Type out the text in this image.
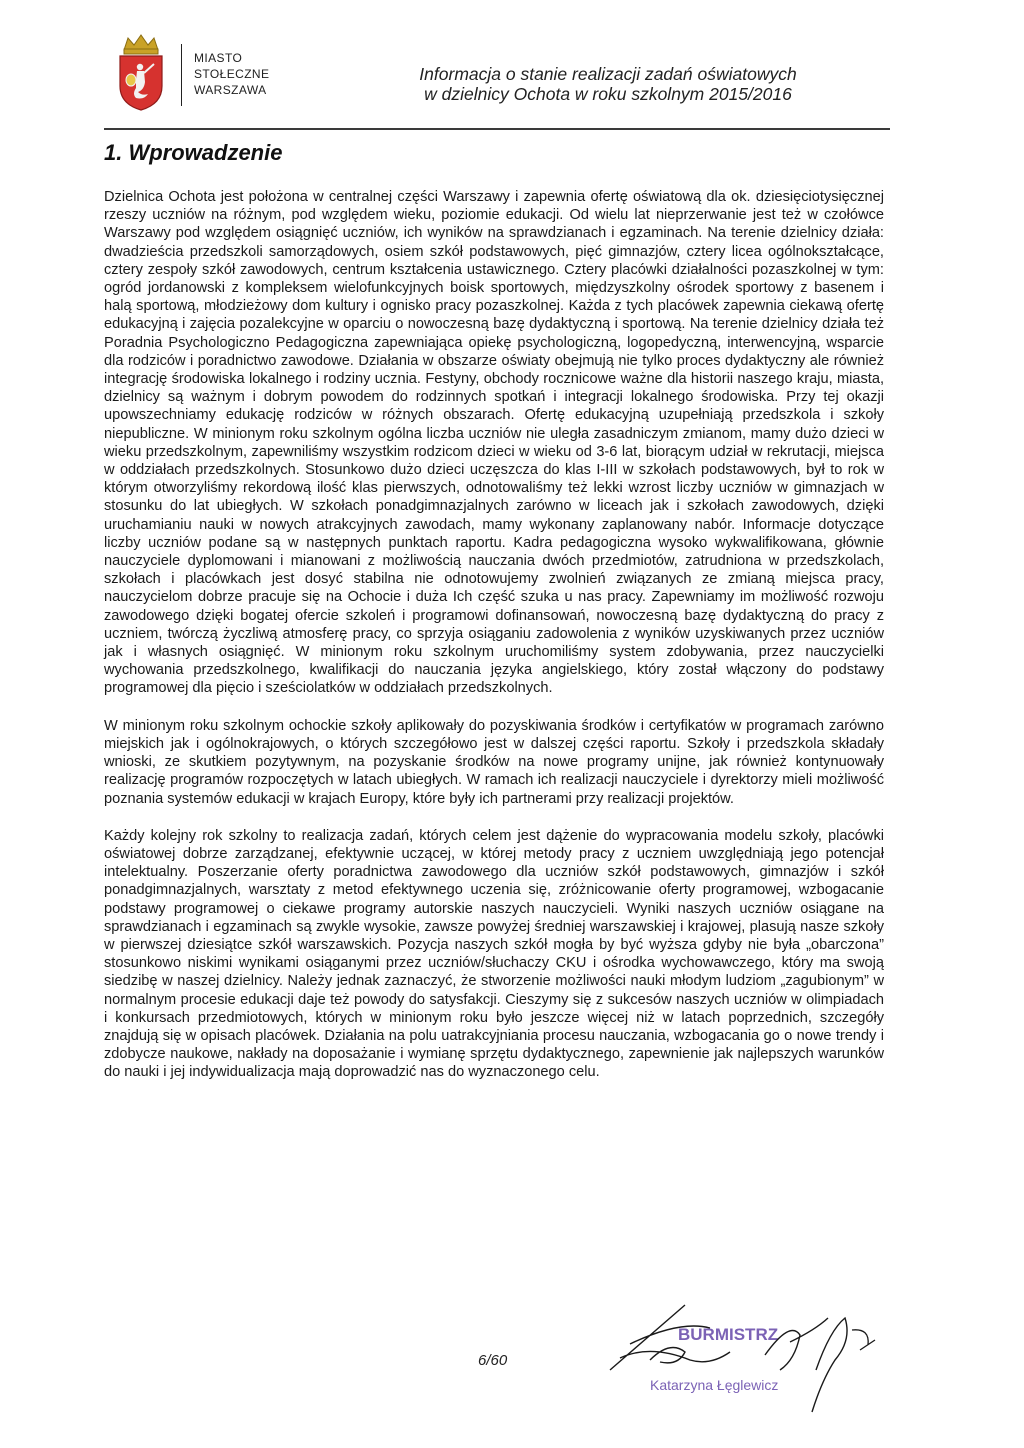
MIASTO
STOŁECZNE
WARSZAWA
Informacja o stanie realizacji zadań oświatowych
w dzielnicy Ochota w roku szkolnym 2015/2016
1. Wprowadzenie

Dzielnica Ochota jest położona w centralnej części Warszawy i zapewnia ofertę oświatową dla ok. dziesięciotysięcznej rzeszy uczniów na różnym, pod względem wieku, poziomie edukacji. Od wielu lat nieprzerwanie jest też w czołówce Warszawy pod względem osiągnięć uczniów, ich wyników na sprawdzianach i egzaminach. Na terenie dzielnicy działa: dwadzieścia przedszkoli samorządowych, osiem szkół podstawowych, pięć gimnazjów, cztery licea ogólnokształcące, cztery zespoły szkół zawodowych, centrum kształcenia ustawicznego. Cztery placówki działalności pozaszkolnej w tym: ogród jordanowski z kompleksem wielofunkcyjnych boisk sportowych, międzyszkolny ośrodek sportowy z basenem i halą sportową, młodzieżowy dom kultury i ognisko pracy pozaszkolnej. Każda z tych placówek zapewnia ciekawą ofertę edukacyjną i zajęcia pozalekcyjne w oparciu o nowoczesną bazę dydaktyczną i sportową. Na terenie dzielnicy działa też Poradnia Psychologiczno Pedagogiczna zapewniająca opiekę psychologiczną, logopedyczną, interwencyjną, wsparcie dla rodziców i poradnictwo zawodowe. Działania w obszarze oświaty obejmują nie tylko proces dydaktyczny ale również integrację środowiska lokalnego i rodziny ucznia. Festyny, obchody rocznicowe ważne dla historii naszego kraju, miasta, dzielnicy są ważnym i dobrym powodem do rodzinnych spotkań i integracji lokalnego środowiska. Przy tej okazji upowszechniamy edukację rodziców w różnych obszarach. Ofertę edukacyjną uzupełniają przedszkola i szkoły niepubliczne. W minionym roku szkolnym ogólna liczba uczniów nie uległa zasadniczym zmianom, mamy dużo dzieci w wieku przedszkolnym, zapewniliśmy wszystkim rodzicom dzieci w wieku od 3-6 lat, biorącym udział w rekrutacji, miejsca w oddziałach przedszkolnych. Stosunkowo dużo dzieci uczęszcza do klas I-III w szkołach podstawowych, był to rok w którym otworzyliśmy rekordową ilość klas pierwszych, odnotowaliśmy też lekki wzrost liczby uczniów w gimnazjach w stosunku do lat ubiegłych. W szkołach ponadgimnazjalnych zarówno w liceach jak i szkołach zawodowych, dzięki uruchamianiu nauki w nowych atrakcyjnych zawodach, mamy wykonany zaplanowany nabór. Informacje dotyczące liczby uczniów podane są w następnych punktach raportu. Kadra pedagogiczna wysoko wykwalifikowana, głównie nauczyciele dyplomowani i mianowani z możliwością nauczania dwóch przedmiotów, zatrudniona w przedszkolach, szkołach i placówkach jest dosyć stabilna nie odnotowujemy zwolnień związanych ze zmianą miejsca pracy, nauczycielom dobrze pracuje się na Ochocie i duża Ich część szuka u nas pracy. Zapewniamy im możliwość rozwoju zawodowego dzięki bogatej ofercie szkoleń i programowi dofinansowań, nowoczesną bazę dydaktyczną do pracy z uczniem, twórczą życzliwą atmosferę pracy, co sprzyja osiąganiu zadowolenia z wyników uzyskiwanych przez uczniów jak i własnych osiągnięć. W minionym roku szkolnym uruchomiliśmy system zdobywania, przez nauczycielki wychowania przedszkolnego, kwalifikacji do nauczania języka angielskiego, który został włączony do podstawy programowej dla pięcio i sześciolatków w oddziałach przedszkolnych.

W minionym roku szkolnym ochockie szkoły aplikowały do pozyskiwania środków i certyfikatów w programach zarówno miejskich jak i ogólnokrajowych, o których szczegółowo jest w dalszej części raportu. Szkoły i przedszkola składały wnioski, ze skutkiem pozytywnym, na pozyskanie środków na nowe programy unijne, jak również kontynuowały realizację programów rozpoczętych w latach ubiegłych. W ramach ich realizacji nauczyciele i dyrektorzy mieli możliwość poznania systemów edukacji w krajach Europy, które były ich partnerami przy realizacji projektów.

Każdy kolejny rok szkolny to realizacja zadań, których celem jest dążenie do wypracowania modelu szkoły, placówki oświatowej dobrze zarządzanej, efektywnie uczącej, w której metody pracy z uczniem uwzględniają jego potencjał intelektualny. Poszerzanie oferty poradnictwa zawodowego dla uczniów szkół podstawowych, gimnazjów i szkół ponadgimnazjalnych, warsztaty z metod efektywnego uczenia się, zróżnicowanie oferty programowej, wzbogacanie podstawy programowej o ciekawe programy autorskie naszych nauczycieli. Wyniki naszych uczniów osiągane na sprawdzianach i egzaminach są zwykle wysokie, zawsze powyżej średniej warszawskiej i krajowej, plasują nasze szkoły w pierwszej dziesiątce szkół warszawskich. Pozycja naszych szkół mogła by być wyższa gdyby nie była „obarczona” stosunkowo niskimi wynikami osiąganymi przez uczniów/słuchaczy CKU i ośrodka wychowawczego, który ma swoją siedzibę w naszej dzielnicy. Należy jednak zaznaczyć, że stworzenie możliwości nauki młodym ludziom „zagubionym” w normalnym procesie edukacji daje też powody do satysfakcji. Cieszymy się z sukcesów naszych uczniów w olimpiadach i konkursach przedmiotowych, których w minionym roku było jeszcze więcej niż w latach poprzednich, szczegóły znajdują się w opisach placówek. Działania na polu uatrakcyjniania procesu nauczania, wzbogacania go o nowe trendy i zdobycze naukowe, nakłady na doposażanie i wymianę sprzętu dydaktycznego, zapewnienie jak najlepszych warunków do nauki i jej indywidualizacja mają doprowadzić nas do wyznaczonego celu.

6/60
BURMISTRZ
Katarzyna Łęglewicz
